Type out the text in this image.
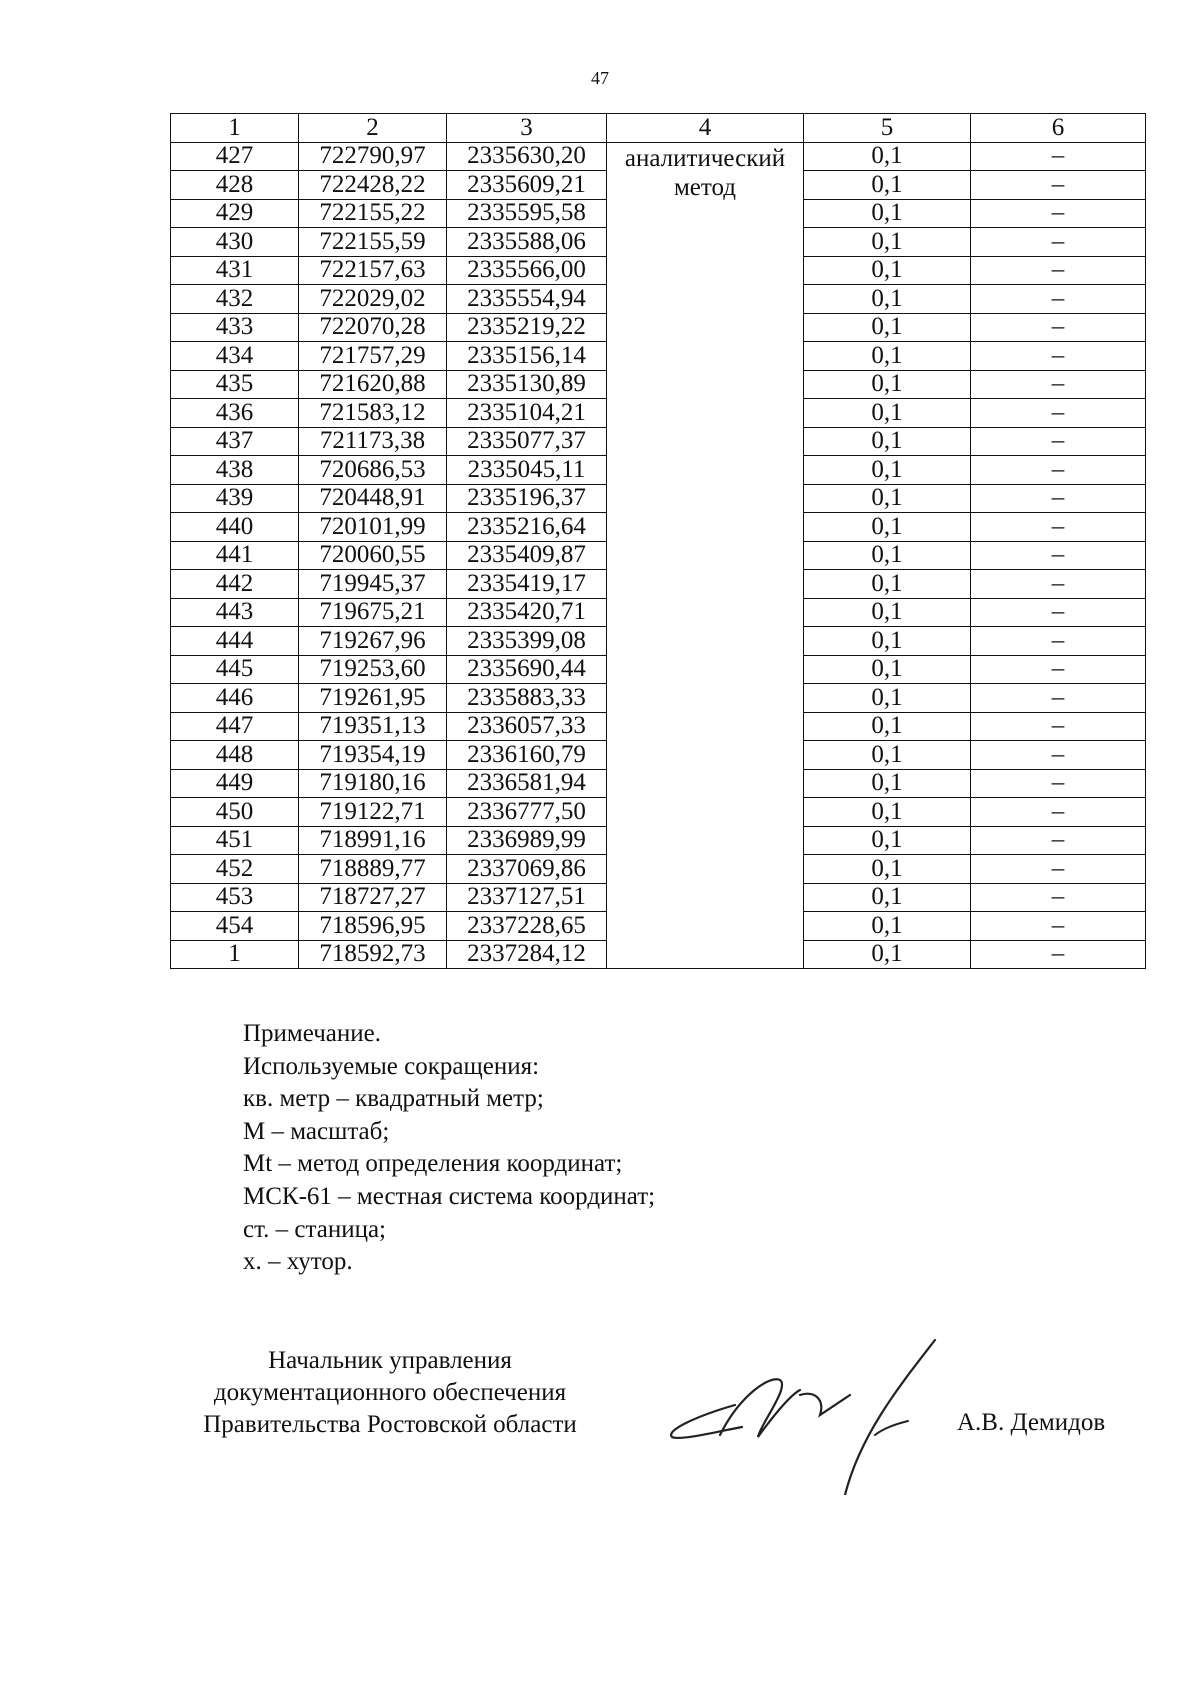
47
1	2	3	4	5	6
427	722790,97	2335630,20	аналитический метод	0,1	–
428	722428,22	2335609,21		0,1	–
429	722155,22	2335595,58		0,1	–
430	722155,59	2335588,06		0,1	–
431	722157,63	2335566,00		0,1	–
432	722029,02	2335554,94		0,1	–
433	722070,28	2335219,22		0,1	–
434	721757,29	2335156,14		0,1	–
435	721620,88	2335130,89		0,1	–
436	721583,12	2335104,21		0,1	–
437	721173,38	2335077,37		0,1	–
438	720686,53	2335045,11		0,1	–
439	720448,91	2335196,37		0,1	–
440	720101,99	2335216,64		0,1	–
441	720060,55	2335409,87		0,1	–
442	719945,37	2335419,17		0,1	–
443	719675,21	2335420,71		0,1	–
444	719267,96	2335399,08		0,1	–
445	719253,60	2335690,44		0,1	–
446	719261,95	2335883,33		0,1	–
447	719351,13	2336057,33		0,1	–
448	719354,19	2336160,79		0,1	–
449	719180,16	2336581,94		0,1	–
450	719122,71	2336777,50		0,1	–
451	718991,16	2336989,99		0,1	–
452	718889,77	2337069,86		0,1	–
453	718727,27	2337127,51		0,1	–
454	718596,95	2337228,65		0,1	–
1	718592,73	2337284,12		0,1	–
Примечание.
Используемые сокращения:
кв. метр – квадратный метр;
М – масштаб;
Mt – метод определения координат;
МСК-61 – местная система координат;
ст. – станица;
х. – хутор.
Начальник управления
документационного обеспечения
Правительства Ростовской области	А.В. Демидов
